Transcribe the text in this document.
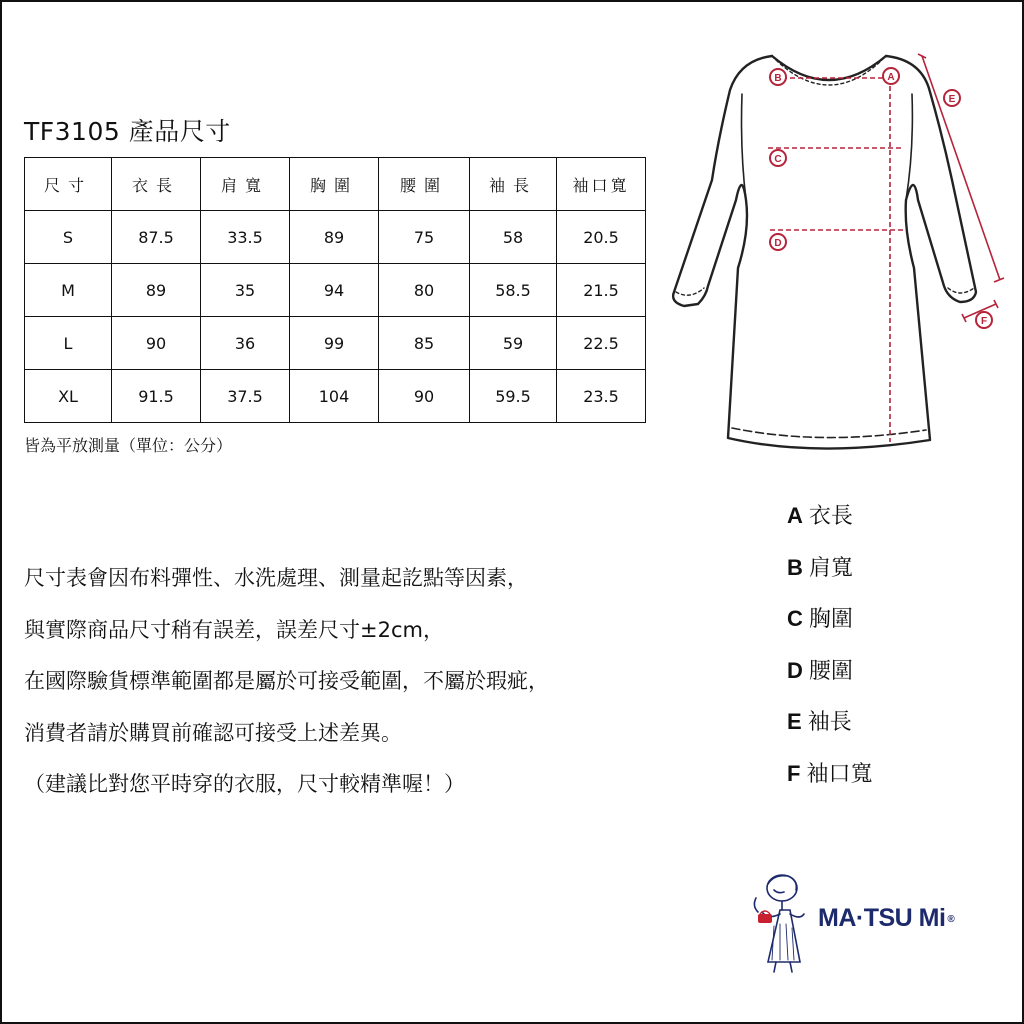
TF3105 產品尺寸
尺寸	衣長	肩寬	胸圍	腰圍	袖長	袖口寬
S	87.5	33.5	89	75	58	20.5
M	89	35	94	80	58.5	21.5
L	90	36	99	85	59	22.5
XL	91.5	37.5	104	90	59.5	23.5
皆為平放測量（單位：公分）
A
B
C
D
E
F
尺寸表會因布料彈性、水洗處理、測量起訖點等因素，
與實際商品尺寸稍有誤差，誤差尺寸±2cm，
在國際驗貨標準範圍都是屬於可接受範圍，不屬於瑕疵，
消費者請於購買前確認可接受上述差異。
（建議比對您平時穿的衣服，尺寸較精準喔！）
A 衣長
B 肩寬
C 胸圍
D 腰圍
E 袖長
F 袖口寬
MA·TSU Mi ®
